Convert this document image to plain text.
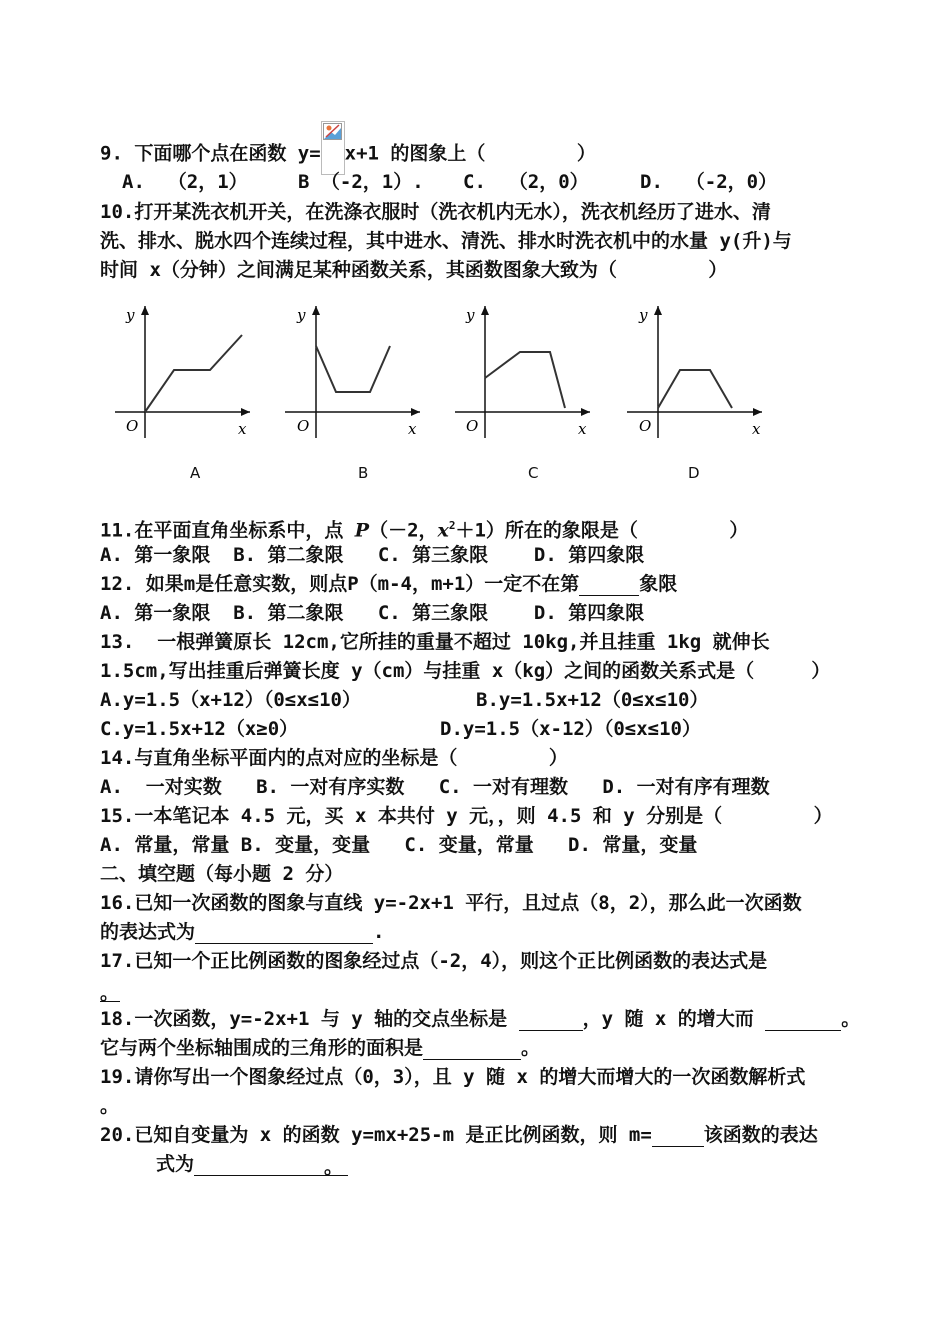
9. 下面哪个点在函数 y= x+1 的图象上（        ）
A.  （2，1）	B （-2，1）. C.  （2，0）	D.  （-2，0）
10.打开某洗衣机开关，在洗涤衣服时（洗衣机内无水），洗衣机经历了进水、清
洗、排水、脱水四个连续过程，其中进水、清洗、排水时洗衣机中的水量 y(升)与
时间 x（分钟）之间满足某种函数关系，其函数图象大致为（        ）
y
x
O
y
x
O
y
x
O
y
x
O
A	B	C	D
11.在平面直角坐标系中，点 P（－2，$x^2+1$）所在的象限是（        ）
A. 第一象限  B. 第二象限   C. 第三象限    D. 第四象限
12. 如果m是任意实数，则点P（m-4，m+1）一定不在第	象限
A. 第一象限  B. 第二象限   C. 第三象限    D. 第四象限
13.  一根弹簧原长 12cm,它所挂的重量不超过 10kg,并且挂重 1kg 就伸长
1.5cm,写出挂重后弹簧长度 y（cm）与挂重 x（kg）之间的函数关系式是（     ）
A.y=1.5（x+12）（0≤x≤10）	B.y=1.5x+12（0≤x≤10）
C.y=1.5x+12（x≥0）	D.y=1.5（x-12）（0≤x≤10）
14.与直角坐标平面内的点对应的坐标是（        ）
A.  一对实数   B. 一对有序实数   C. 一对有理数   D. 一对有序有理数
15.一本笔记本 4.5 元，买 x 本共付 y 元，，则 4.5 和 y 分别是（        ）
A. 常量，常量 B. 变量，变量   C. 变量，常量   D. 常量，变量
二、填空题（每小题 2 分）
16.已知一次函数的图象与直线 y=-2x+1 平行，且过点（8，2），那么此一次函数
的表达式为	.
17.已知一个正比例函数的图象经过点（-2，4），则这个正比例函数的表达式是
。
18.一次函数，y=-2x+1 与 y 轴的交点坐标是	，y 随 x 的增大而	。
它与两个坐标轴围成的三角形的面积是	。
19.请你写出一个图象经过点（0，3），且 y 随 x 的增大而增大的一次函数解析式
。
20.已知自变量为 x 的函数 y=mx+25-m 是正比例函数，则 m=	该函数的表达
式为	。
